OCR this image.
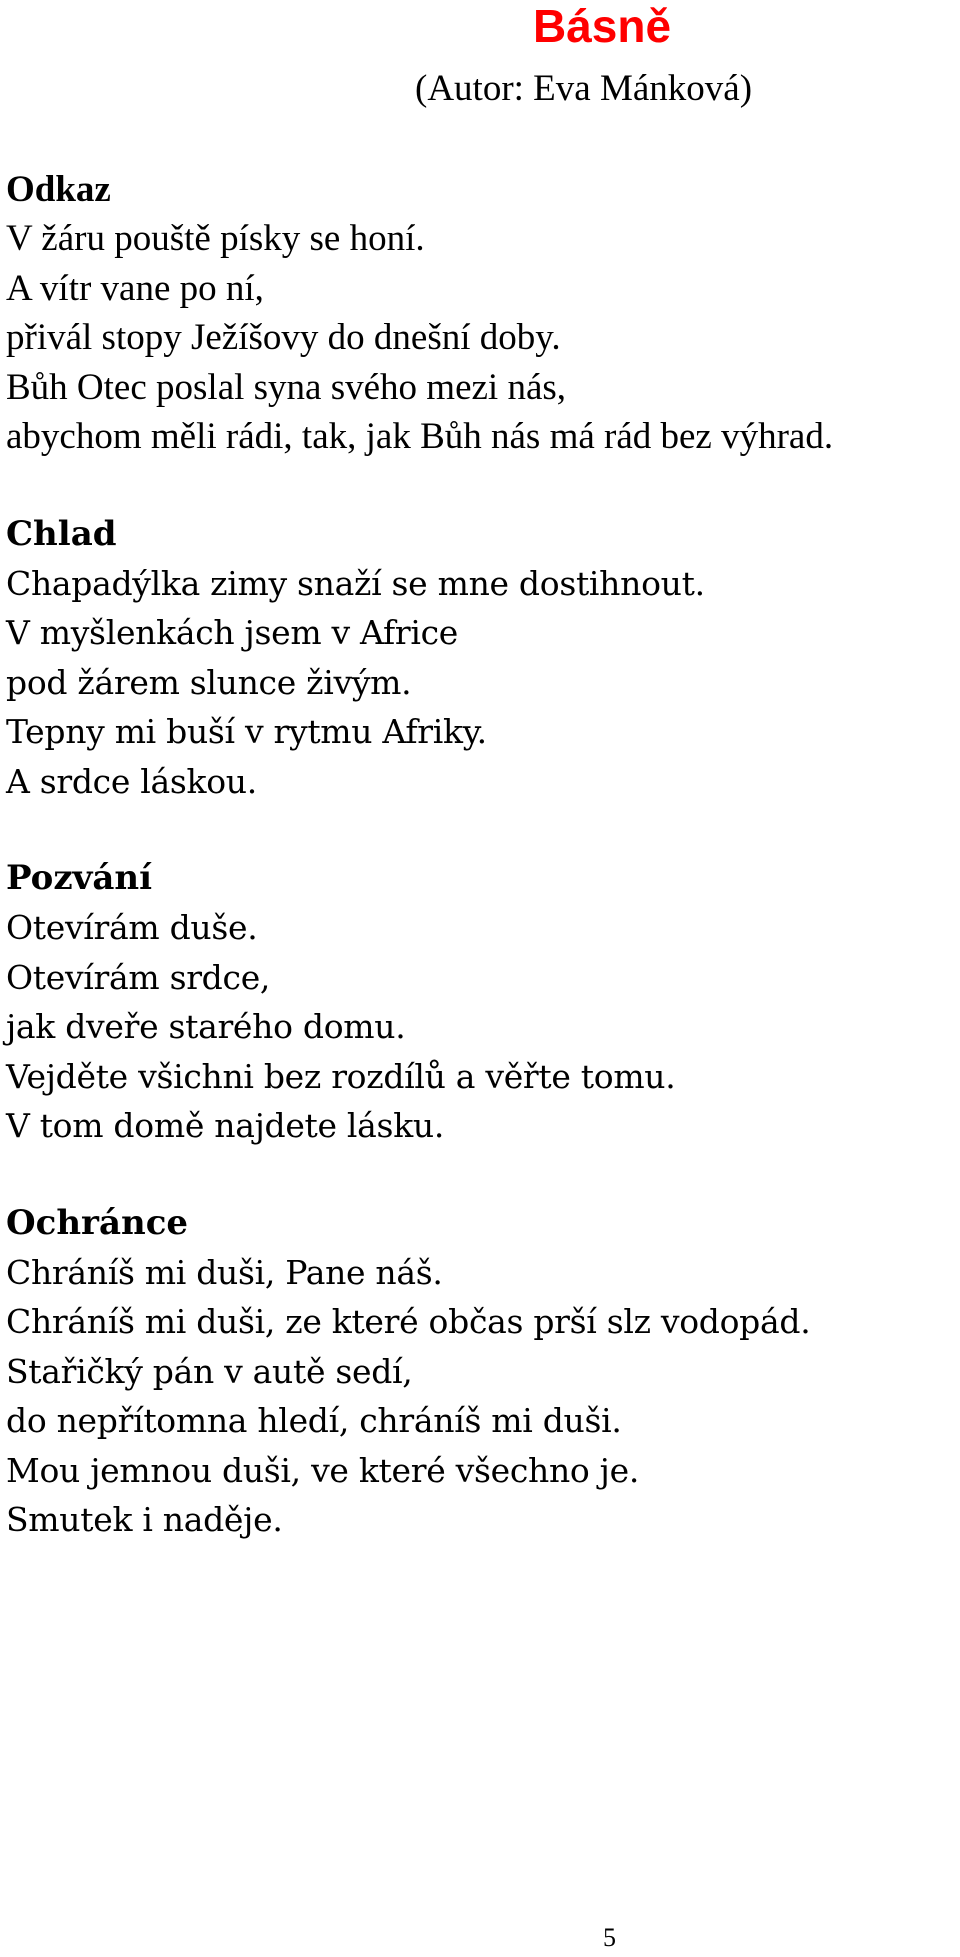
Básně

(Autor: Eva Mánková)

Odkaz

V žáru pouště písky se honí.

A vítr vane po ní,

přivál stopy Ježíšovy do dnešní doby.

Bůh Otec poslal syna svého mezi nás,

abychom měli rádi, tak, jak Bůh nás má rád bez výhrad.

Chlad

Chapadýlka zimy snaží se mne dostihnout.

V myšlenkách jsem v Africe

pod žárem slunce živým.

Tepny mi buší v rytmu Afriky.

A srdce láskou.

Pozvání

Otevírám duše.

Otevírám srdce,

jak dveře starého domu.

Vejděte všichni bez rozdílů a věřte tomu.

V tom domě najdete lásku.

Ochránce

Chráníš mi duši, Pane náš.

Chráníš mi duši, ze které občas prší slz vodopád.

Stařičký pán v autě sedí,

do nepřítomna hledí, chráníš mi duši.

Mou jemnou duši, ve které všechno je.

Smutek i naděje.

5
